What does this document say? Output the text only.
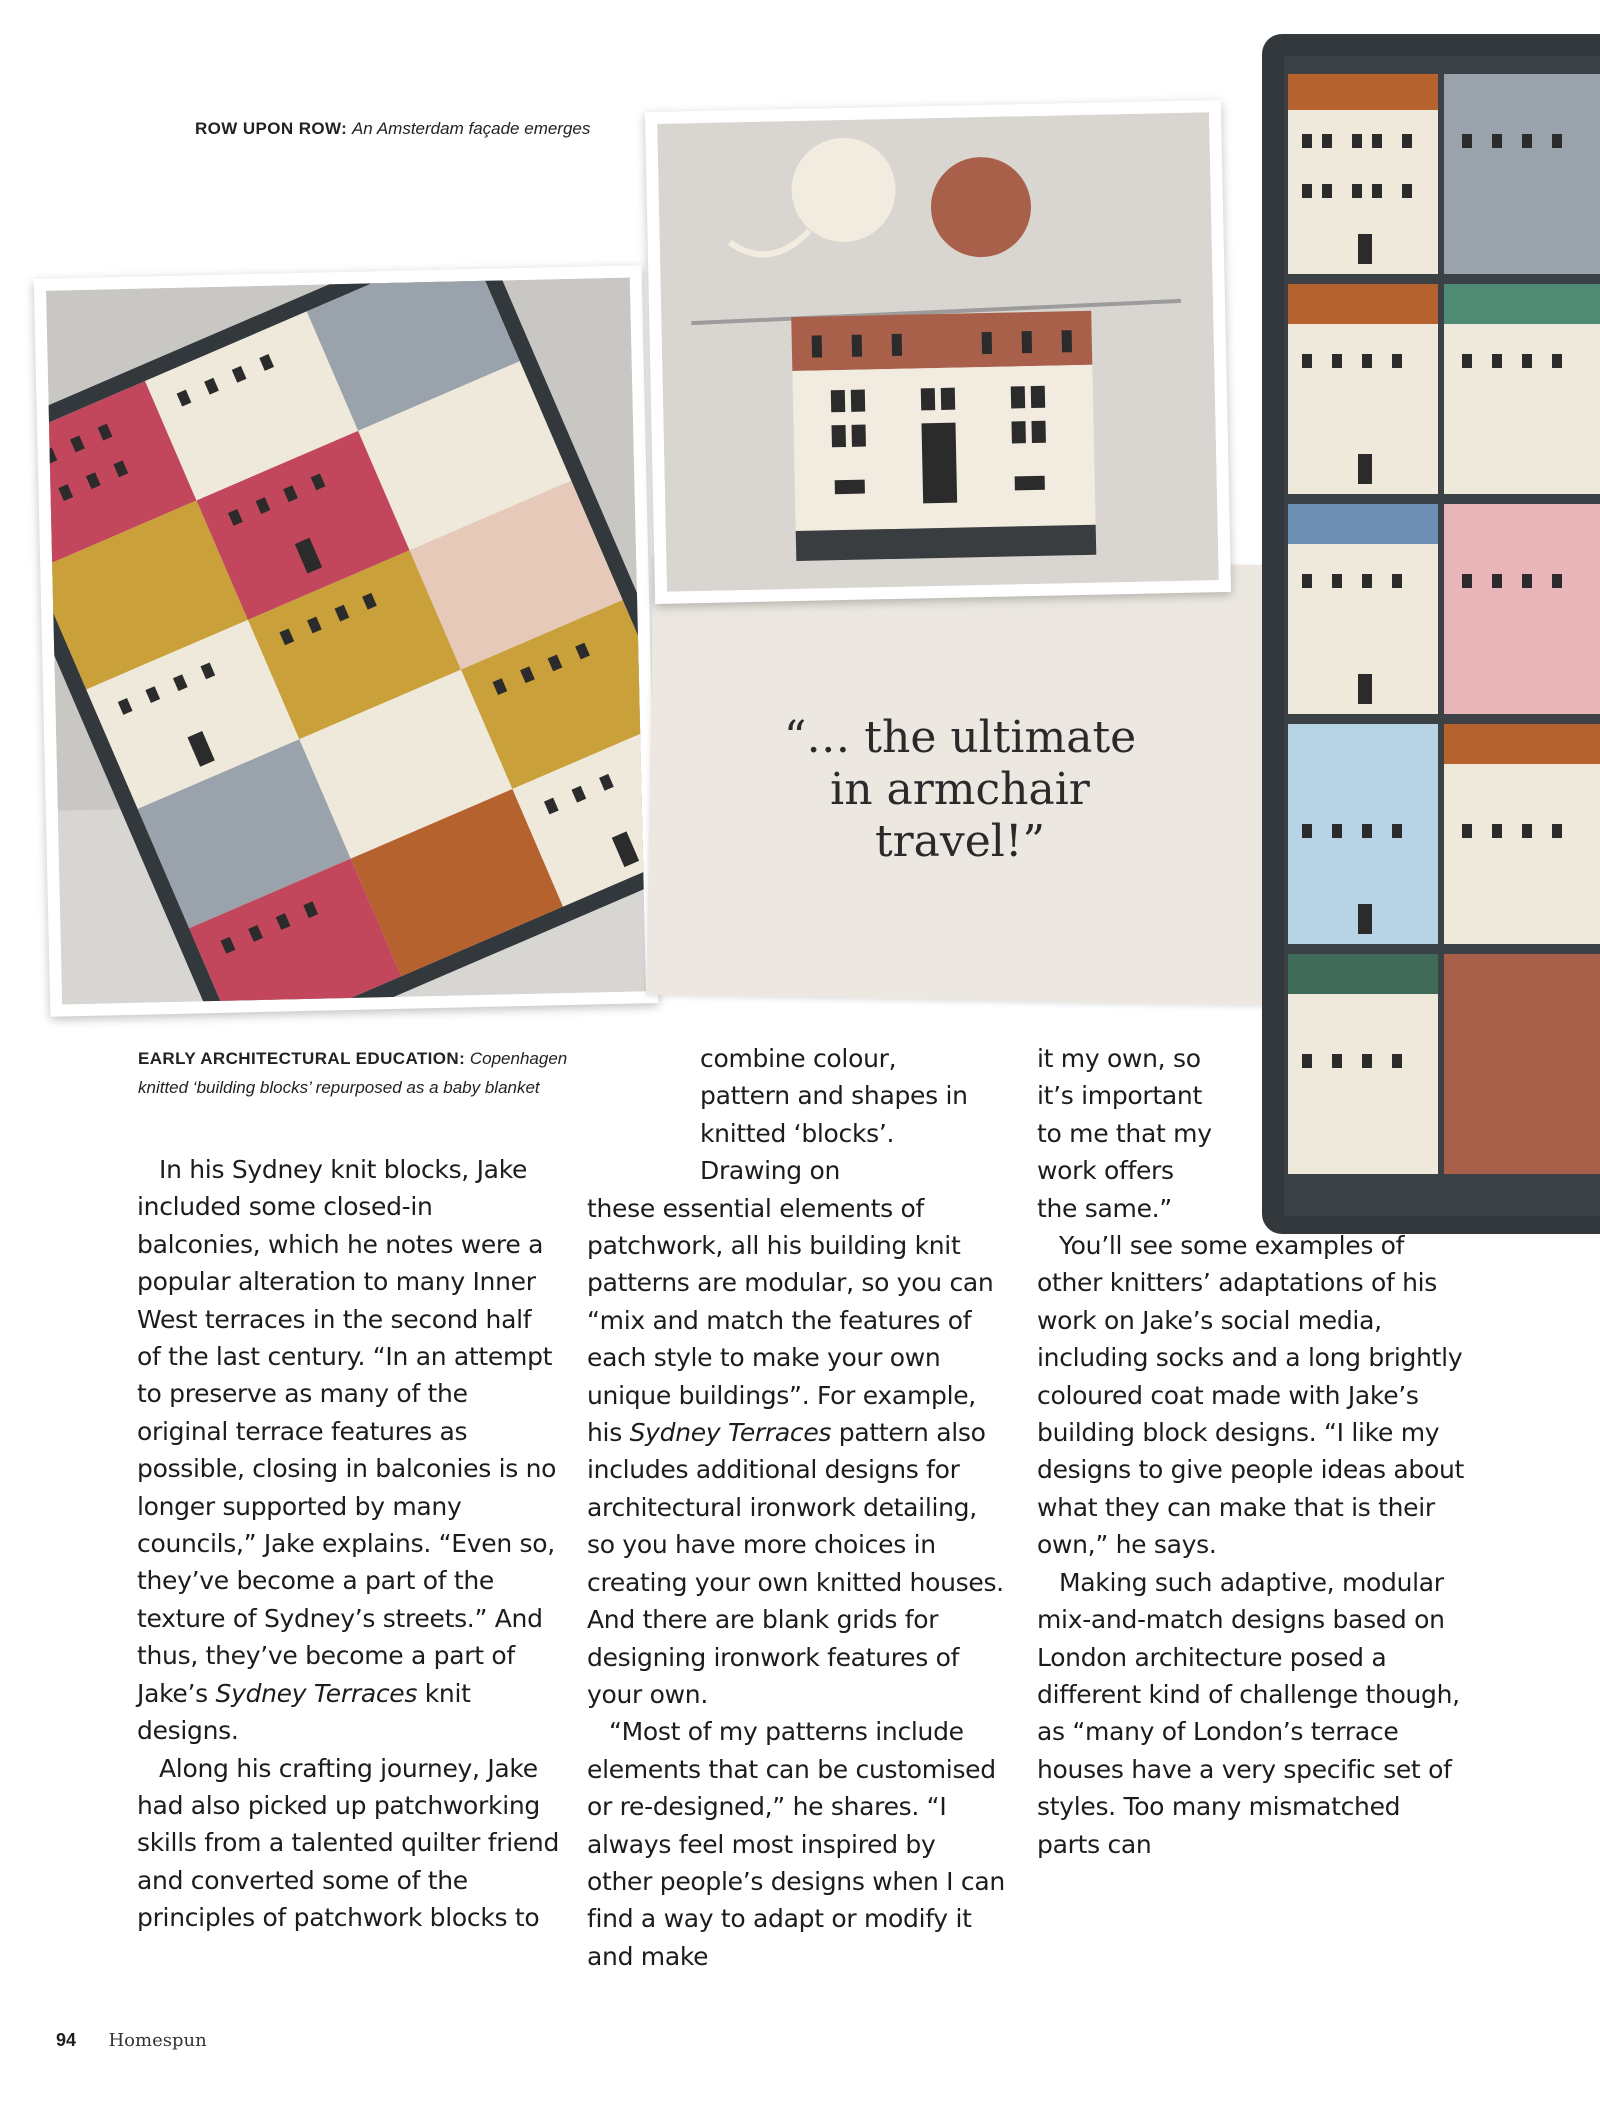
ROW UPON ROW: An Amsterdam façade emerges
“… the ultimate
in armchair
travel!”
EARLY ARCHITECTURAL EDUCATION: Copenhagen
knitted ‘building blocks’ repurposed as a baby blanket

In his Sydney knit blocks, Jake included some closed-in balconies, which he notes were a popular alteration to many Inner West terraces in the second half of the last century. “In an attempt to preserve as many of the original terrace features as possible, closing in balconies is no longer supported by many councils,” Jake explains. “Even so, they’ve become a part of the texture of Sydney’s streets.” And thus, they’ve become a part of Jake’s Sydney Terraces knit designs.

Along his crafting journey, Jake had also picked up patchworking skills from a talented quilter friend and converted some of the principles of patchwork blocks to

combine colour, pattern and shapes in knitted ‘blocks’. Drawing on

these essential elements of patchwork, all his building knit patterns are modular, so you can “mix and match the features of each style to make your own unique buildings”. For example, his Sydney Terraces pattern also includes additional designs for architectural ironwork detailing, so you have more choices in creating your own knitted houses. And there are blank grids for designing ironwork features of your own.

“Most of my patterns include elements that can be customised or re-designed,” he shares. “I always feel most inspired by other people’s designs when I can find a way to adapt or modify it and make

it my own, so it’s important to me that my work offers the same.”

You’ll see some examples of other knitters’ adaptations of his work on Jake’s social media, including socks and a long brightly coloured coat made with Jake’s building block designs. “I like my designs to give people ideas about what they can make that is their own,” he says.

Making such adaptive, modular mix-and-match designs based on London architecture posed a different kind of challenge though, as “many of London’s terrace houses have a very specific set of styles. Too many mismatched parts can

94 Homespun
